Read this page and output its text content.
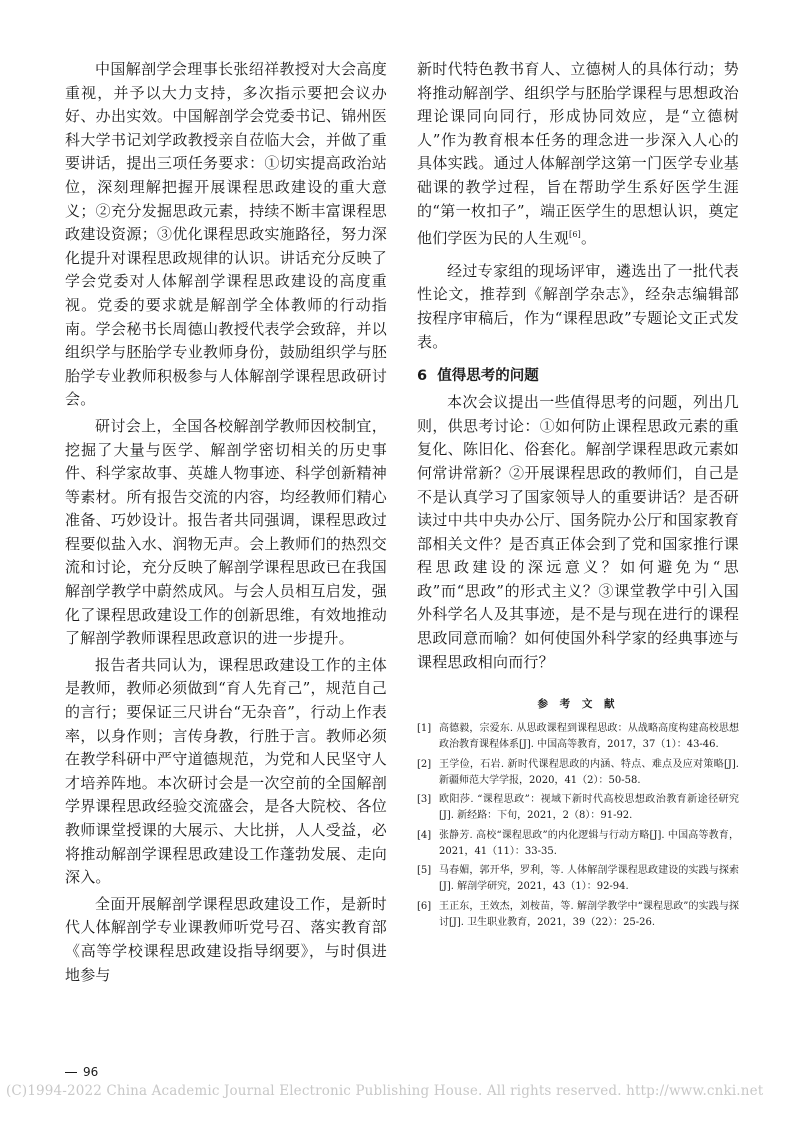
中国解剖学会理事长张绍祥教授对大会高度重视，并予以大力支持，多次指示要把会议办好、办出实效。中国解剖学会党委书记、锦州医科大学书记刘学政教授亲自莅临大会，并做了重要讲话，提出三项任务要求：①切实提高政治站位，深刻理解把握开展课程思政建设的重大意义；②充分发掘思政元素，持续不断丰富课程思政建设资源；③优化课程思政实施路径，努力深化提升对课程思政规律的认识。讲话充分反映了学会党委对人体解剖学课程思政建设的高度重视。党委的要求就是解剖学全体教师的行动指南。学会秘书长周德山教授代表学会致辞，并以组织学与胚胎学专业教师身份，鼓励组织学与胚胎学专业教师积极参与人体解剖学课程思政研讨会。

研讨会上，全国各校解剖学教师因校制宜，挖掘了大量与医学、解剖学密切相关的历史事件、科学家故事、英雄人物事迹、科学创新精神等素材。所有报告交流的内容，均经教师们精心准备、巧妙设计。报告者共同强调，课程思政过程要似盐入水、润物无声。会上教师们的热烈交流和讨论，充分反映了解剖学课程思政已在我国解剖学教学中蔚然成风。与会人员相互启发，强化了课程思政建设工作的创新思维，有效地推动了解剖学教师课程思政意识的进一步提升。

报告者共同认为，课程思政建设工作的主体是教师，教师必须做到“育人先育己”，规范自己的言行；要保证三尺讲台“无杂音”，行动上作表率，以身作则；言传身教，行胜于言。教师必须在教学科研中严守道德规范，为党和人民坚守人才培养阵地。本次研讨会是一次空前的全国解剖学界课程思政经验交流盛会，是各大院校、各位教师课堂授课的大展示、大比拼，人人受益，必将推动解剖学课程思政建设工作蓬勃发展、走向深入。

全面开展解剖学课程思政建设工作，是新时代人体解剖学专业课教师听党号召、落实教育部《高等学校课程思政建设指导纲要》，与时俱进地参与

新时代特色教书育人、立德树人的具体行动；势将推动解剖学、组织学与胚胎学课程与思想政治理论课同向同行，形成协同效应，是“立德树人”作为教育根本任务的理念进一步深入人心的具体实践。通过人体解剖学这第一门医学专业基础课的教学过程，旨在帮助学生系好医学生涯的“第一枚扣子”，端正医学生的思想认识，奠定他们学医为民的人生观[6]。

经过专家组的现场评审，遴选出了一批代表性论文，推荐到《解剖学杂志》，经杂志编辑部按程序审稿后，作为“课程思政”专题论文正式发表。

6 值得思考的问题

本次会议提出一些值得思考的问题，列出几则，供思考讨论：①如何防止课程思政元素的重复化、陈旧化、俗套化。解剖学课程思政元素如何常讲常新？②开展课程思政的教师们，自己是不是认真学习了国家领导人的重要讲话？是否研读过中共中央办公厅、国务院办公厅和国家教育部相关文件？是否真正体会到了党和国家推行课程思政建设的深远意义？如何避免为“思政”而“思政”的形式主义？③课堂教学中引入国外科学名人及其事迹，是不是与现在进行的课程思政同意而喻？如何使国外科学家的经典事迹与课程思政相向而行？

参 考 文 献
[1] 高德毅，宗爱东. 从思政课程到课程思政：从战略高度构建高校思想政治教育课程体系[J]. 中国高等教育，2017，37（1）：43-46.
[2] 王学俭，石岩. 新时代课程思政的内涵、特点、难点及应对策略[J]. 新疆师范大学学报，2020，41（2）：50-58.
[3] 欧阳莎. “课程思政”：视域下新时代高校思想政治教育新途径研究[J]. 新经路：下旬，2021，2（8）：91-92.
[4] 张静芳. 高校“课程思政”的内化逻辑与行动方略[J]. 中国高等教育，2021，41（11）：33-35.
[5] 马春媚，郭开华，罗利，等. 人体解剖学课程思政建设的实践与探索[J]. 解剖学研究，2021，43（1）：92-94.
[6] 王正东，王效杰，刘桉苗，等. 解剖学教学中“课程思政”的实践与探讨[J]. 卫生职业教育，2021，39（22）：25-26.
96
(C)1994-2022 China Academic Journal Electronic Publishing House. All rights reserved. http://www.cnki.net
